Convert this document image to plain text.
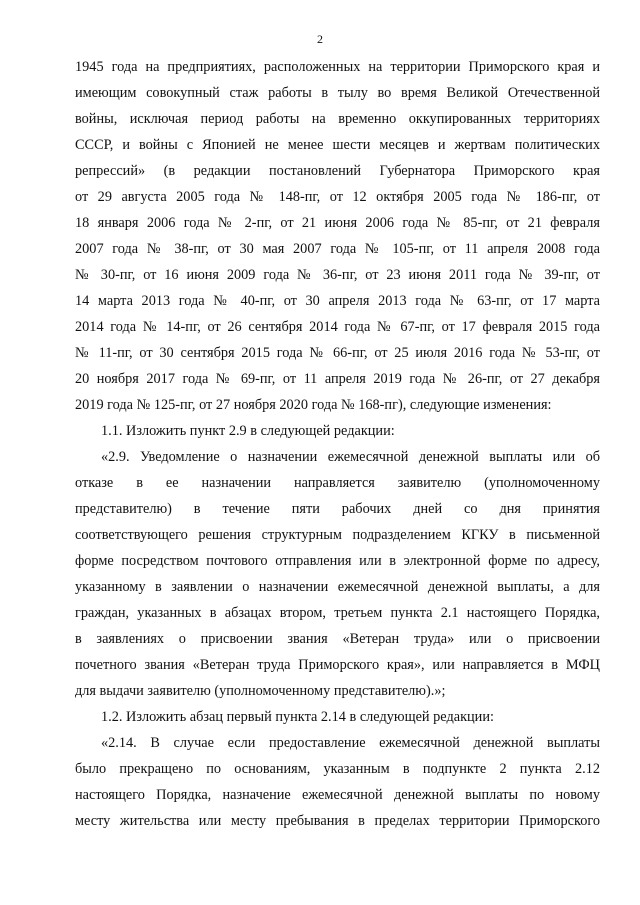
2
1945 года на предприятиях, расположенных на территории Приморского края и
имеющим совокупный стаж работы в тылу во время Великой Отечественной
войны, исключая период работы на временно оккупированных территориях
СССР, и войны с Японией не менее шести месяцев и жертвам политических
репрессий» (в редакции постановлений Губернатора Приморского края
от 29 августа 2005 года № 148-пг, от 12 октября 2005 года № 186-пг, от
18 января 2006 года № 2-пг, от 21 июня 2006 года № 85-пг, от 21 февраля
2007 года № 38-пг, от 30 мая 2007 года № 105-пг, от 11 апреля 2008 года
№ 30-пг, от 16 июня 2009 года № 36-пг, от 23 июня 2011 года № 39-пг, от
14 марта 2013 года № 40-пг, от 30 апреля 2013 года № 63-пг, от 17 марта
2014 года № 14-пг, от 26 сентября 2014 года № 67-пг, от 17 февраля 2015 года
№ 11-пг, от 30 сентября 2015 года № 66-пг, от 25 июля 2016 года № 53-пг, от
20 ноября 2017 года № 69-пг, от 11 апреля 2019 года № 26-пг, от 27 декабря
2019 года № 125-пг, от 27 ноября 2020 года № 168-пг), следующие изменения:
1.1. Изложить пункт 2.9 в следующей редакции:
«2.9. Уведомление о назначении ежемесячной денежной выплаты или об
отказе в ее назначении направляется заявителю (уполномоченному
представителю) в течение пяти рабочих дней со дня принятия
соответствующего решения структурным подразделением КГКУ в письменной
форме посредством почтового отправления или в электронной форме по адресу,
указанному в заявлении о назначении ежемесячной денежной выплаты, а для
граждан, указанных в абзацах втором, третьем пункта 2.1 настоящего Порядка,
в заявлениях о присвоении звания «Ветеран труда» или о присвоении
почетного звания «Ветеран труда Приморского края», или направляется в МФЦ
для выдачи заявителю (уполномоченному представителю).»;
1.2. Изложить абзац первый пункта 2.14 в следующей редакции:
«2.14. В случае если предоставление ежемесячной денежной выплаты
было прекращено по основаниям, указанным в подпункте 2 пункта 2.12
настоящего Порядка, назначение ежемесячной денежной выплаты по новому
месту жительства или месту пребывания в пределах территории Приморского
